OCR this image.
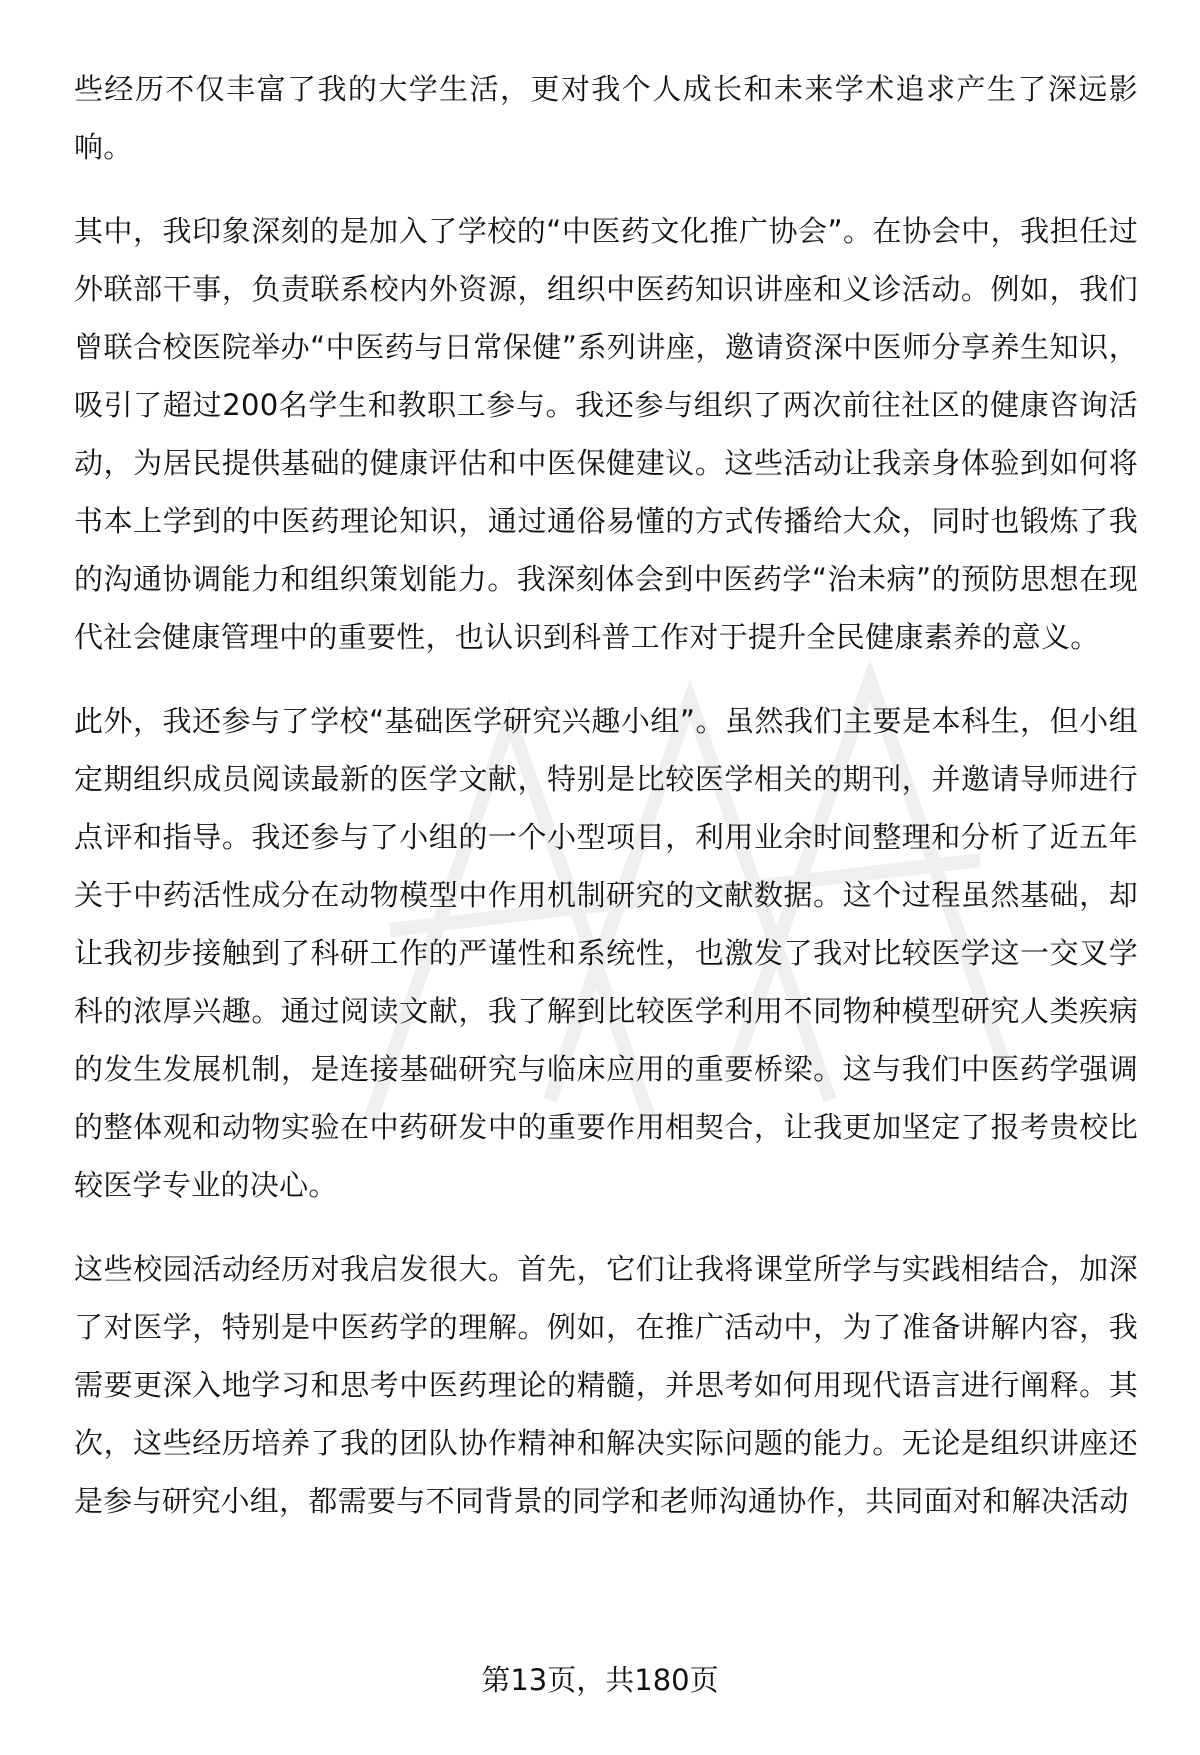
些经历不仅丰富了我的大学生活，更对我个人成长和未来学术追求产生了深远影响。

其中，我印象深刻的是加入了学校的“中医药文化推广协会”。在协会中，我担任过外联部干事，负责联系校内外资源，组织中医药知识讲座和义诊活动。例如，我们曾联合校医院举办“中医药与日常保健”系列讲座，邀请资深中医师分享养生知识，吸引了超过200名学生和教职工参与。我还参与组织了两次前往社区的健康咨询活动，为居民提供基础的健康评估和中医保健建议。这些活动让我亲身体验到如何将书本上学到的中医药理论知识，通过通俗易懂的方式传播给大众，同时也锻炼了我的沟通协调能力和组织策划能力。我深刻体会到中医药学“治未病”的预防思想在现代社会健康管理中的重要性，也认识到科普工作对于提升全民健康素养的意义。

此外，我还参与了学校“基础医学研究兴趣小组”。虽然我们主要是本科生，但小组定期组织成员阅读最新的医学文献，特别是比较医学相关的期刊，并邀请导师进行点评和指导。我还参与了小组的一个小型项目，利用业余时间整理和分析了近五年关于中药活性成分在动物模型中作用机制研究的文献数据。这个过程虽然基础，却让我初步接触到了科研工作的严谨性和系统性，也激发了我对比较医学这一交叉学科的浓厚兴趣。通过阅读文献，我了解到比较医学利用不同物种模型研究人类疾病的发生发展机制，是连接基础研究与临床应用的重要桥梁。这与我们中医药学强调的整体观和动物实验在中药研发中的重要作用相契合，让我更加坚定了报考贵校比较医学专业的决心。

这些校园活动经历对我启发很大。首先，它们让我将课堂所学与实践相结合，加深了对医学，特别是中医药学的理解。例如，在推广活动中，为了准备讲解内容，我需要更深入地学习和思考中医药理论的精髓，并思考如何用现代语言进行阐释。其次，这些经历培养了我的团队协作精神和解决实际问题的能力。无论是组织讲座还是参与研究小组，都需要与不同背景的同学和老师沟通协作，共同面对和解决活动

第13页，共180页
